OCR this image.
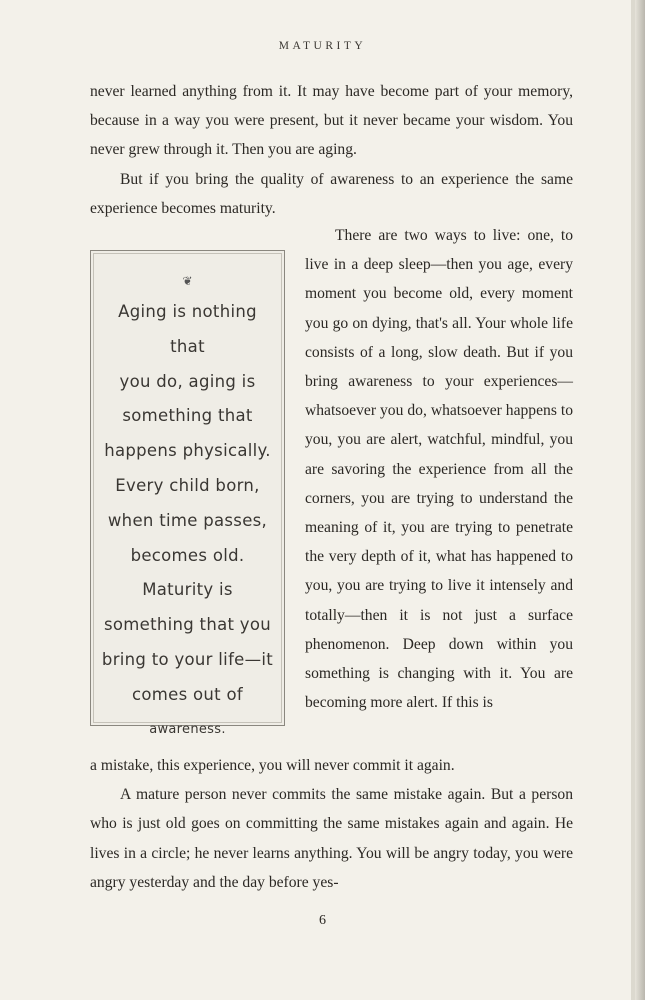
MATURITY

never learned anything from it. It may have become part of your memory, because in a way you were present, but it never became your wisdom. You never grew through it. Then you are aging.

But if you bring the quality of awareness to an experience the same experience becomes maturity.

❦
Aging is nothing that
you do, aging is
something that
happens physically.
Every child born,
when time passes,
becomes old.
Maturity is
something that you
bring to your life—it
comes out of
awareness.

There are two ways to live: one, to live in a deep sleep—then you age, every moment you become old, every moment you go on dying, that's all. Your whole life consists of a long, slow death. But if you bring awareness to your experiences—whatsoever you do, whatsoever happens to you, you are alert, watchful, mindful, you are savoring the experience from all the corners, you are trying to understand the meaning of it, you are trying to penetrate the very depth of it, what has happened to you, you are trying to live it intensely and totally—then it is not just a surface phenomenon. Deep down within you something is changing with it. You are becoming more alert. If this is

a mistake, this experience, you will never commit it again.

A mature person never commits the same mistake again. But a person who is just old goes on committing the same mistakes again and again. He lives in a circle; he never learns anything. You will be angry today, you were angry yesterday and the day before yes-

6
